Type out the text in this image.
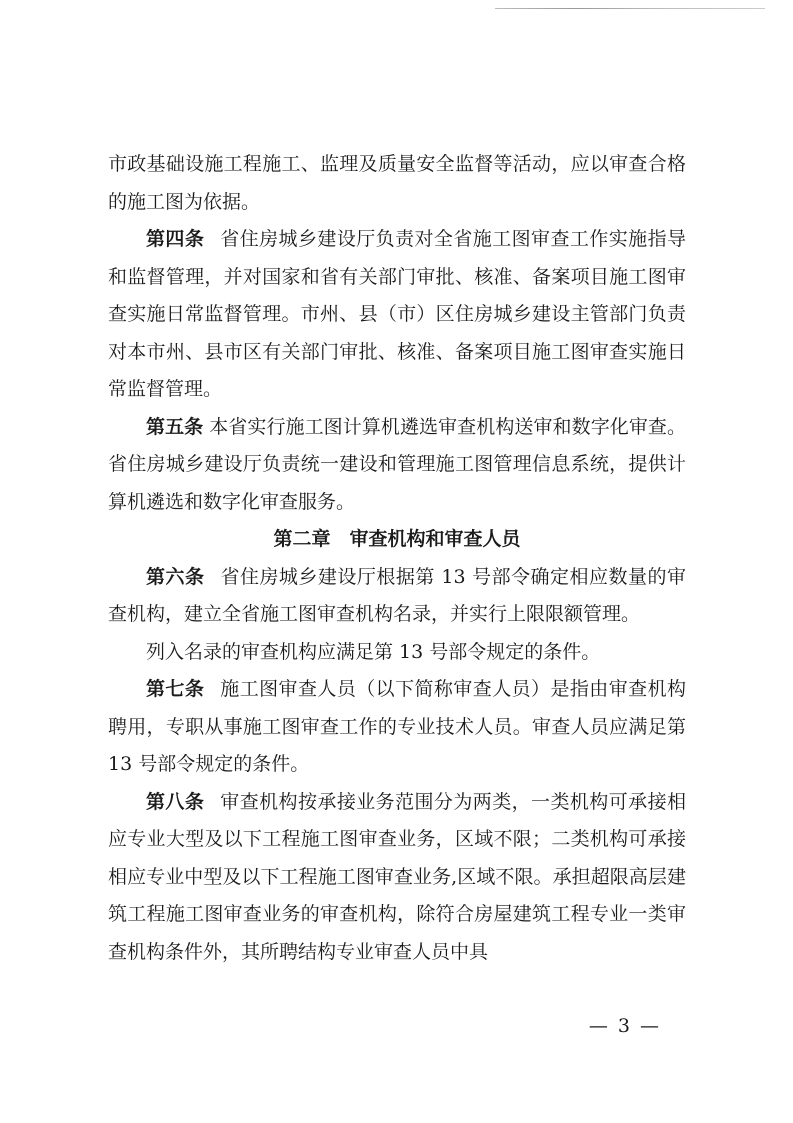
市政基础设施工程施工、监理及质量安全监督等活动，应以审查合格的施工图为依据。

第四条 省住房城乡建设厅负责对全省施工图审查工作实施指导和监督管理，并对国家和省有关部门审批、核准、备案项目施工图审查实施日常监督管理。市州、县（市）区住房城乡建设主管部门负责对本市州、县市区有关部门审批、核准、备案项目施工图审查实施日常监督管理。

第五条 本省实行施工图计算机遴选审查机构送审和数字化审查。省住房城乡建设厅负责统一建设和管理施工图管理信息系统，提供计算机遴选和数字化审查服务。

第二章　审查机构和审查人员

第六条 省住房城乡建设厅根据第 13 号部令确定相应数量的审查机构，建立全省施工图审查机构名录，并实行上限限额管理。

列入名录的审查机构应满足第 13 号部令规定的条件。

第七条 施工图审查人员（以下简称审查人员）是指由审查机构聘用，专职从事施工图审查工作的专业技术人员。审查人员应满足第 13 号部令规定的条件。

第八条 审查机构按承接业务范围分为两类，一类机构可承接相应专业大型及以下工程施工图审查业务，区域不限；二类机构可承接相应专业中型及以下工程施工图审查业务,区域不限。承担超限高层建筑工程施工图审查业务的审查机构，除符合房屋建筑工程专业一类审查机构条件外，其所聘结构专业审查人员中具

— 3 —
